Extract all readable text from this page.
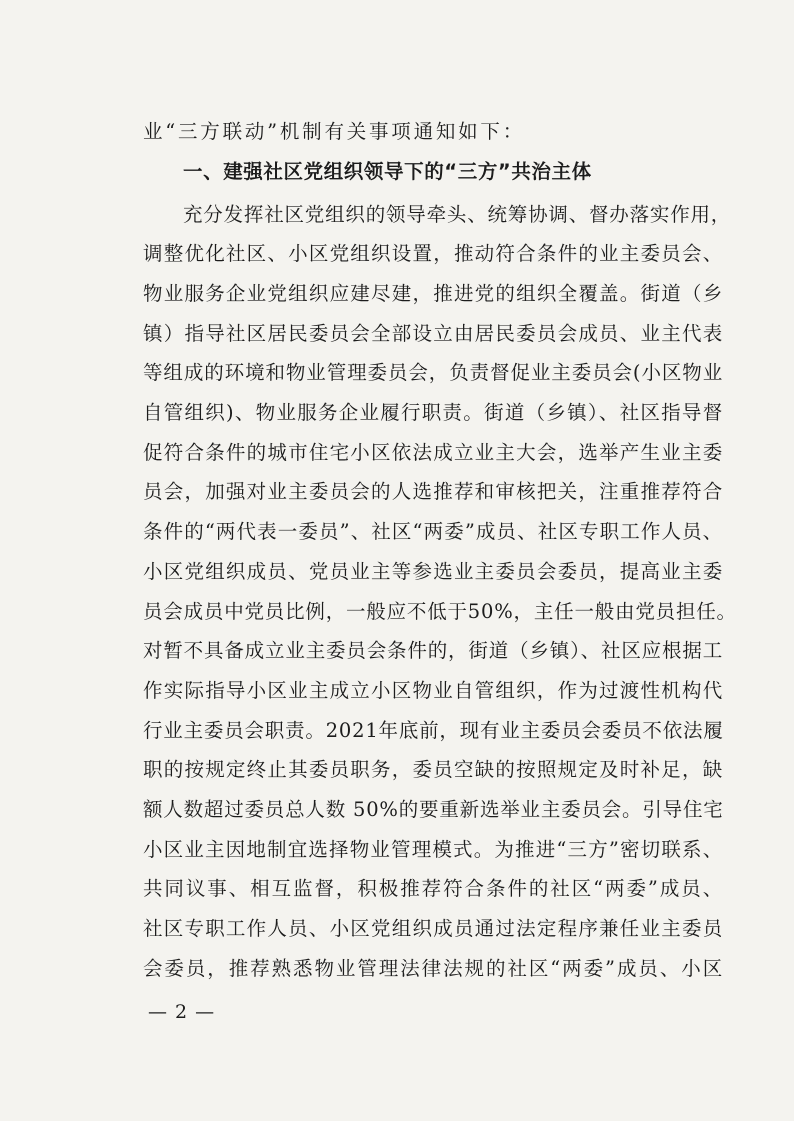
业“三方联动”机制有关事项通知如下：
一、建强社区党组织领导下的“三方”共治主体
充分发挥社区党组织的领导牵头、统筹协调、督办落实作用，
调整优化社区、小区党组织设置，推动符合条件的业主委员会、
物业服务企业党组织应建尽建，推进党的组织全覆盖。街道（乡
镇）指导社区居民委员会全部设立由居民委员会成员、业主代表
等组成的环境和物业管理委员会，负责督促业主委员会(小区物业
自管组织)、物业服务企业履行职责。街道（乡镇）、社区指导督
促符合条件的城市住宅小区依法成立业主大会，选举产生业主委
员会，加强对业主委员会的人选推荐和审核把关，注重推荐符合
条件的“两代表一委员”、社区“两委”成员、社区专职工作人员、
小区党组织成员、党员业主等参选业主委员会委员，提高业主委
员会成员中党员比例，一般应不低于50%，主任一般由党员担任。
对暂不具备成立业主委员会条件的，街道（乡镇）、社区应根据工
作实际指导小区业主成立小区物业自管组织，作为过渡性机构代
行业主委员会职责。2021年底前，现有业主委员会委员不依法履
职的按规定终止其委员职务，委员空缺的按照规定及时补足，缺
额人数超过委员总人数 50%的要重新选举业主委员会。引导住宅
小区业主因地制宜选择物业管理模式。为推进“三方”密切联系、
共同议事、相互监督，积极推荐符合条件的社区“两委”成员、
社区专职工作人员、小区党组织成员通过法定程序兼任业主委员
会委员，推荐熟悉物业管理法律法规的社区“两委”成员、小区
— 2 —
